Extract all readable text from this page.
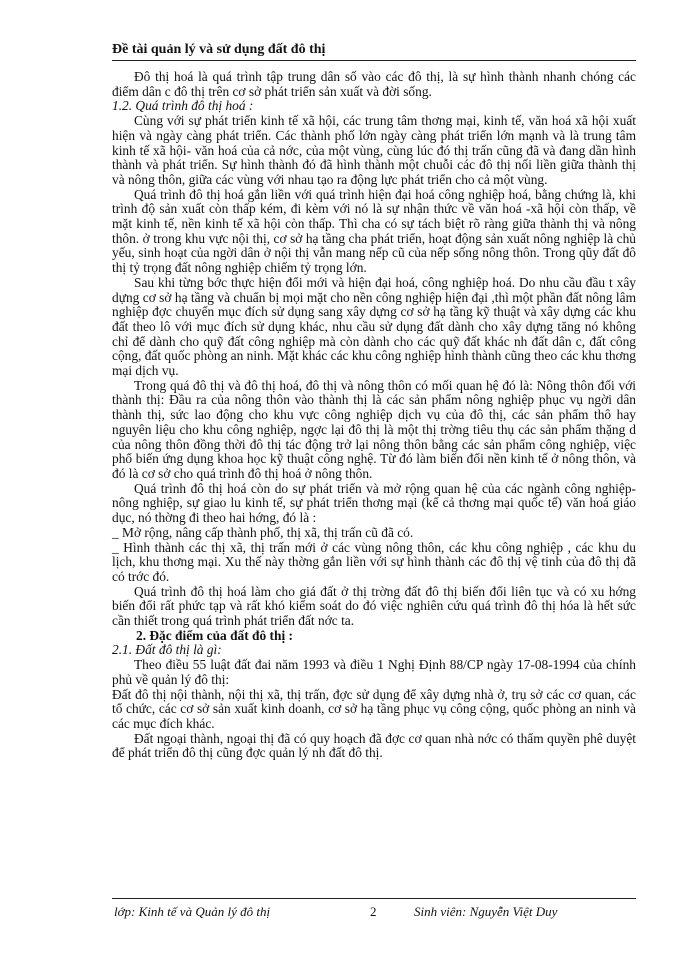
Đề tài quản lý và sử dụng đất đô thị

Đô thị hoá là quá trình tập trung dân số vào các đô thị, là sự hình thành nhanh chóng các điểm dân c đô thị trên cơ sở phát triển sản xuất và đời sống.

1.2. Quá trình đô thị hoá :

Cùng với sự phát triển kinh tế xã hội, các trung tâm thơng mại, kinh tế, văn hoá xã hội xuất hiện và ngày càng phát triển. Các thành phố lớn ngày càng phát triển lớn mạnh và là trung tâm kinh tế xã hội- văn hoá của cả nớc, của một vùng, cùng lúc đó thị trấn cũng đã và đang dần hình thành và phát triển. Sự hình thành đó đã hình thành một chuỗi các đô thị nối liền giữa thành thị và nông thôn, giữa các vùng với nhau tạo ra động lực phát triển cho cả một vùng.

Quá trình đô thị hoá gắn liền với quá trình hiện đại hoá công nghiệp hoá, bằng chứng là, khi trình độ sản xuất còn thấp kém, đi kèm với nó là sự nhận thức về văn hoá -xã hội còn thấp, về mặt kinh tế, nền kinh tế xã hội còn thấp. Thì cha có sự tách biệt rõ ràng giữa thành thị và nông thôn. ở trong khu vực nội thị, cơ sở hạ tầng cha phát triển, hoạt động sản xuất nông nghiệp là chủ yếu, sinh hoạt của ngời dân ở nội thị vẫn mang nếp cũ của nếp sống nông thôn. Trong qũy đất đô thị tỷ trọng đất nông nghiệp chiếm tỷ trọng lớn.

Sau khi từng bớc thực hiện đổi mới và hiện đại hoá, công nghiệp hoá. Do nhu cầu đầu t xây dựng cơ sở hạ tầng và chuẩn bị mọi mặt cho nền công nghiệp hiện đại ,thì một phần đất nông lâm nghiệp đợc chuyển mục đích sử dụng sang xây dựng cơ sở hạ tầng kỹ thuật và xây dựng các khu đất theo lô với mục đích sử dụng khác, nhu cầu sử dụng đất dành cho xây dựng tăng nó không chỉ để dành cho quỹ đất công nghiệp mà còn dành cho các quỹ đất khác nh đất dân c, đất công cộng, đất quốc phòng an ninh. Mặt khác các khu công nghiệp hình thành cũng theo các khu thơng mại dịch vụ.

Trong quá đô thị và đô thị hoá, đô thị và nông thôn có mối quan hệ đó là: Nông thôn đối với thành thị: Đầu ra của nông thôn vào thành thị là các sản phẩm nông nghiệp phục vụ ngời dân thành thị, sức lao động cho khu vực công nghiệp dịch vụ của đô thị, các sản phẩm thô hay nguyên liệu cho khu công nghiệp, ngợc lại đô thị là một thị trờng tiêu thụ các sản phẩm thặng d của nông thôn đồng thời đô thị tác động trở lại nông thôn bằng các sản phẩm công nghiệp, việc phổ biến ứng dụng khoa học kỹ thuật công nghệ. Từ đó làm biến đổi nền kinh tế ở nông thôn, và đó là cơ sở cho quá trình đô thị hoá ở nông thôn.

Quá trình đô thị hoá còn do sự phát triển và mở rộng quan hệ của các ngành công nghiệp-nông nghiệp, sự giao lu kinh tế, sự phát triển thơng mại (kể cả thơng mại quốc tế) văn hoá giáo dục, nó thờng đi theo hai hớng, đó là :

_ Mở rộng, nâng cấp thành phố, thị xã, thị trấn cũ đã có.

_ Hình thành các thị xã, thị trấn mới ở các vùng nông thôn, các khu công nghiệp , các khu du lịch, khu thơng mại. Xu thế này thờng gắn liền với sự hình thành các đô thị vệ tinh của đô thị đã có trớc đó.

Quá trình đô thị hoá làm cho giá đất ở thị trờng đất đô thị biến đổi liên tục và có xu hớng biến đổi rất phức tạp và rất khó kiểm soát do đó việc nghiên cứu quá trình đô thị hóa là hết sức cần thiết trong quá trình phát triển đất nớc ta.

2. Đặc điểm của đất đô thị :

2.1. Đất đô thị là gì:

Theo điều 55 luật đất đai năm 1993 và điều 1 Nghị Định 88/CP ngày 17-08-1994 của chính phủ về quản lý đô thị:

Đất đô thị nội thành, nội thị xã, thị trấn, đợc sử dụng để xây dựng nhà ở, trụ sở các cơ quan, các tổ chức, các cơ sở sản xuất kinh doanh, cơ sở hạ tầng phục vụ công cộng, quốc phòng an ninh và các mục đích khác.

Đất ngoại thành, ngoại thị đã có quy hoạch đã đợc cơ quan nhà nớc có thẩm quyền phê duyệt để phát triển đô thị cũng đợc quản lý nh đất đô thị.

lớp: Kinh tế và Quản lý đô thị	2	Sinh viên: Nguyễn Việt Duy
